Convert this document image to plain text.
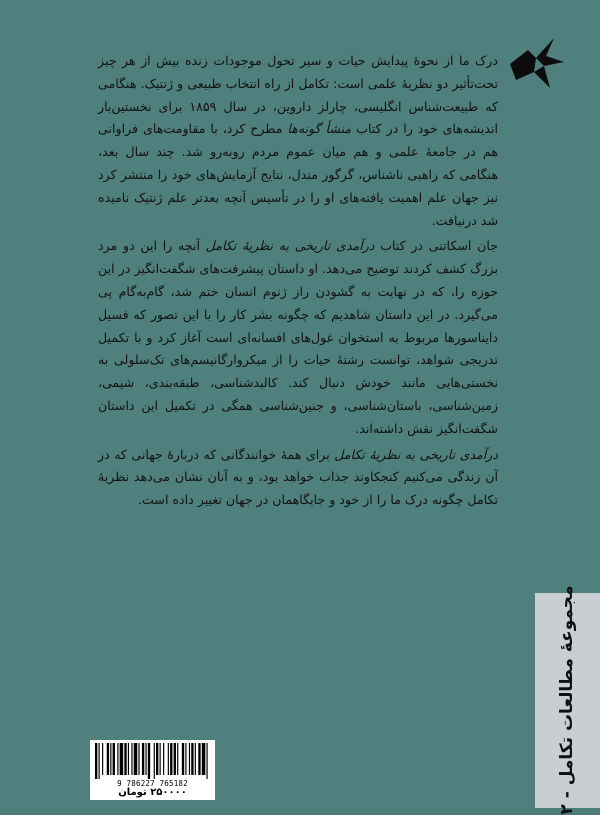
درک ما از نحوهٔ پیدایش حیات و سیر تحول موجودات زنده بیش از هر چیز تحت‌تأثیر دو نظریهٔ علمی است: تکامل از راه انتخاب طبیعی و ژنتیک. هنگامی که طبیعت‌شناس انگلیسی، چارلز داروین، در سال ۱۸۵۹ برای نخستین‌بار اندیشه‌های خود را در کتاب منشأ گونه‌ها مطرح کرد، با مقاومت‌های فراوانی هم در جامعهٔ علمی و هم میان عموم مردم روبه‌رو شد. چند سال بعد، هنگامی که راهبی ناشناس، گرگور مندل، نتایج آزمایش‌های خود را منتشر کرد نیز جهان علم اهمیت یافته‌های او را در تأسیس آنچه بعدتر علم ژنتیک نامیده شد درنیافت.

جان اسکاتنی در کتاب درآمدی تاریخی به نظریهٔ تکامل آنچه را این دو مرد بزرگ کشف کردند توضیح می‌دهد. او داستان پیشرفت‌های شگفت‌انگیز در این حوزه را، که در نهایت به گشودن راز ژنوم انسان ختم شد، گام‌به‌گام پی می‌گیرد. در این داستان شاهدیم که چگونه بشر کار را با این تصور که فسیل دایناسورها مربوط به استخوان غول‌های افسانه‌ای است آغاز کرد و با تکمیل تدریجی شواهد، توانست رشتهٔ حیات را از میکروارگانیسم‌های تک‌سلولی به نخستی‌هایی مانند خودش دنبال کند. کالبدشناسی، طبقه‌بندی، شیمی، زمین‌شناسی، باستان‌شناسی، و جنین‌شناسی همگی در تکمیل این داستان شگفت‌انگیز نقش داشته‌اند.

درآمدی تاریخی به نظریهٔ تکامل برای همهٔ خوانندگانی که دربارهٔ جهانی که در آن زندگی می‌کنیم کنجکاوند جذاب خواهد بود، و به آنان نشان می‌دهد نظریهٔ تکامل چگونه درک ما را از خود و جایگاهمان در جهان تغییر داده است.

مجموعهٔ مطالعات تکامل - ۲
9 786227 765182
۲۵۰۰۰۰ تومان
